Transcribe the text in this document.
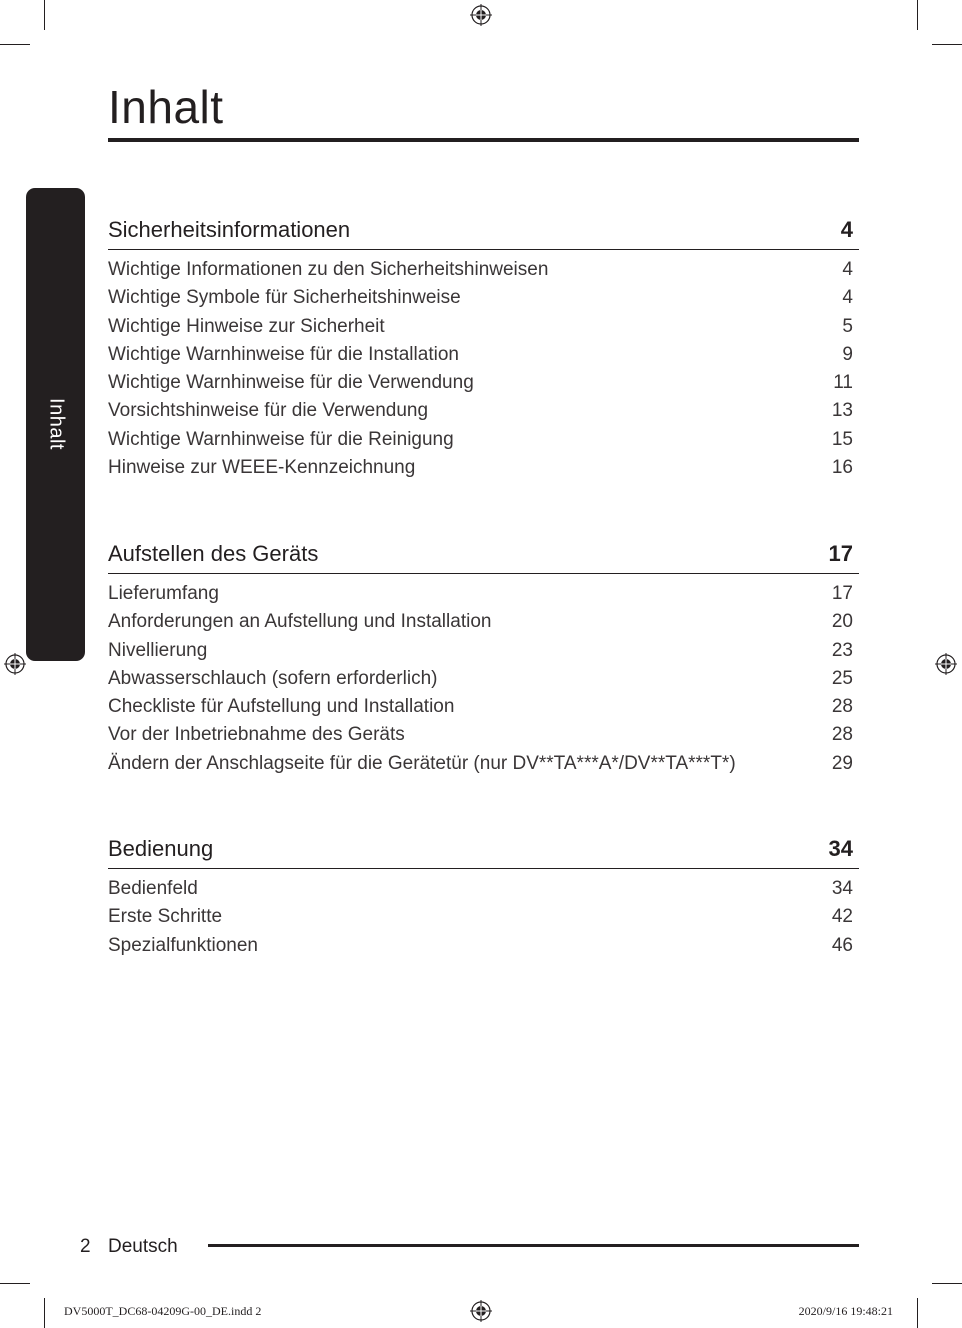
Inhalt
Inhalt
Sicherheitsinformationen	4
Wichtige Informationen zu den Sicherheitshinweisen	4
Wichtige Symbole für Sicherheitshinweise	4
Wichtige Hinweise zur Sicherheit	5
Wichtige Warnhinweise für die Installation	9
Wichtige Warnhinweise für die Verwendung	11
Vorsichtshinweise für die Verwendung	13
Wichtige Warnhinweise für die Reinigung	15
Hinweise zur WEEE-Kennzeichnung	16
Aufstellen des Geräts	17
Lieferumfang	17
Anforderungen an Aufstellung und Installation	20
Nivellierung	23
Abwasserschlauch (sofern erforderlich)	25
Checkliste für Aufstellung und Installation	28
Vor der Inbetriebnahme des Geräts	28
Ändern der Anschlagseite für die Gerätetür (nur DV**TA***A*/DV**TA***T*)	29
Bedienung	34
Bedienfeld	34
Erste Schritte	42
Spezialfunktionen	46
2 Deutsch
DV5000T_DC68-04209G-00_DE.indd 2	2020/9/16 19:48:21
